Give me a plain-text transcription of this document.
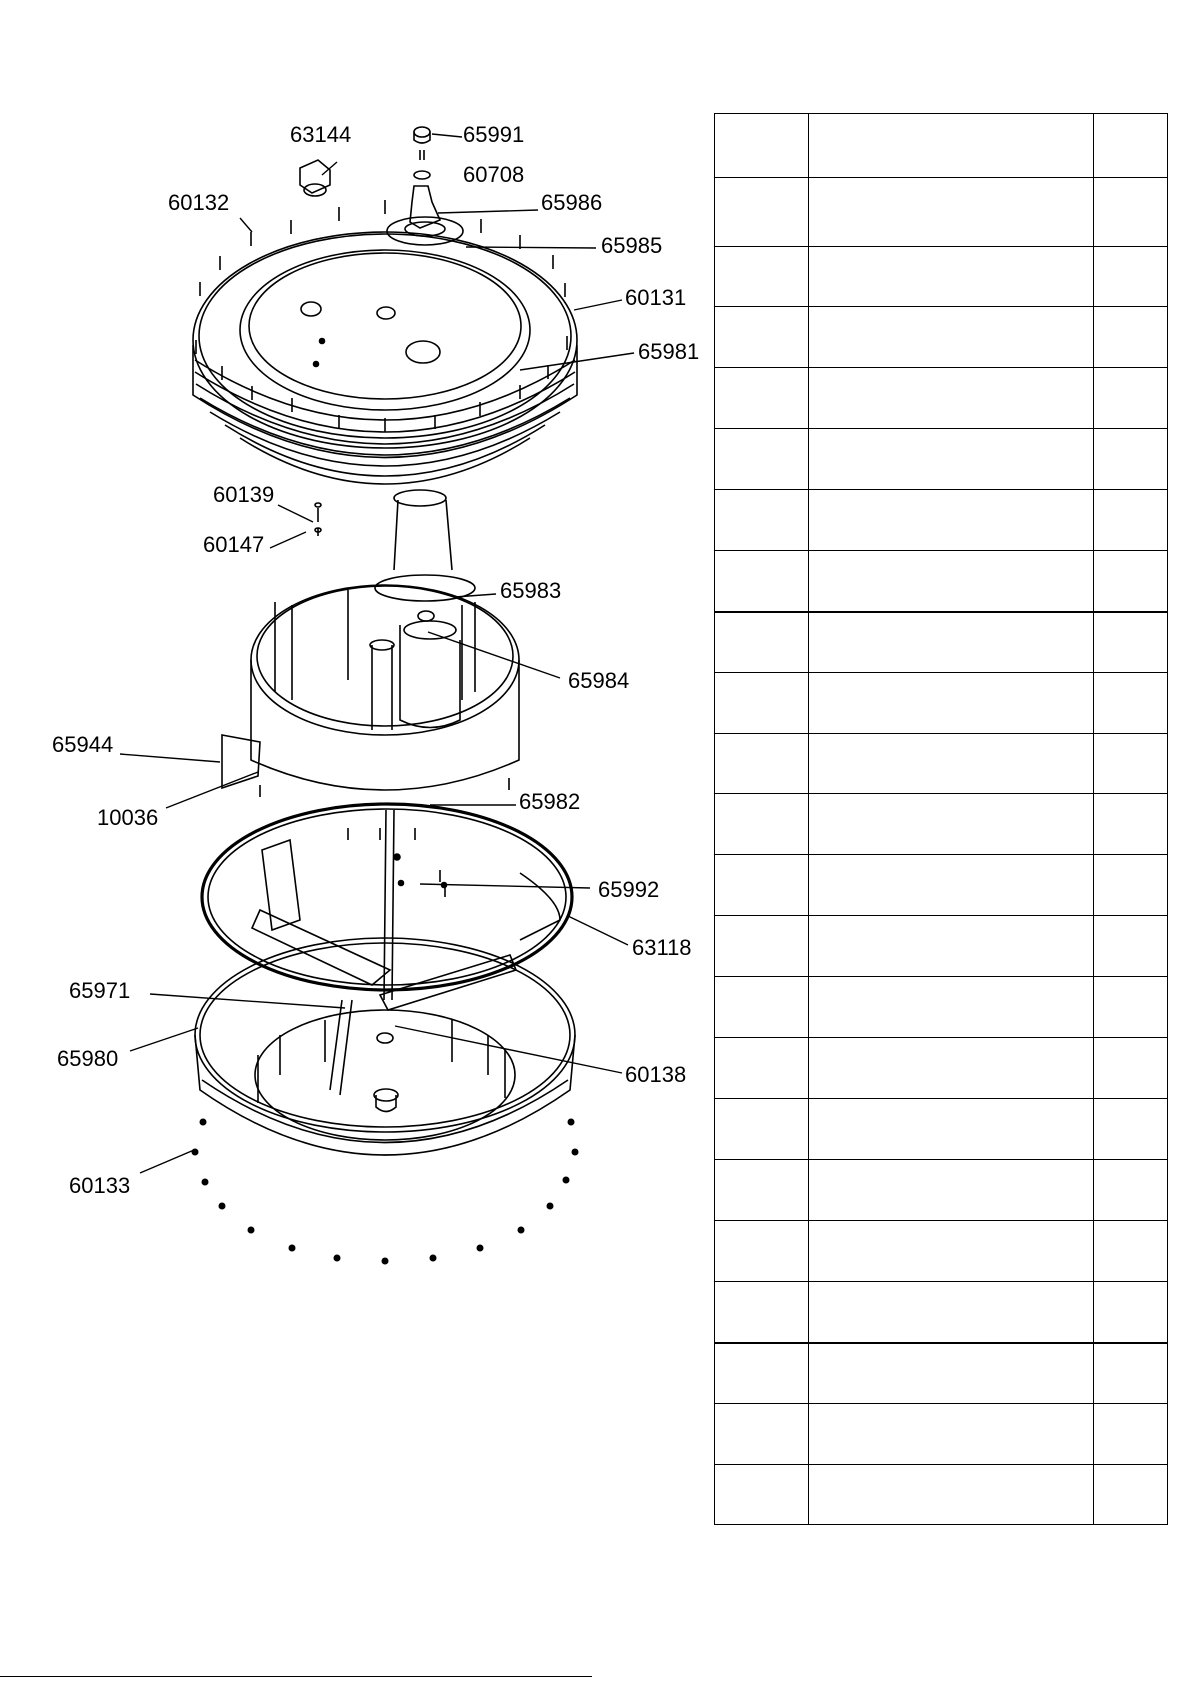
63144	65991
60708
60132	65986
65985
60131
65981
60139
60147
65983
65984
65944
10036
65982
65992
63118
65971
65980
60138
60133
